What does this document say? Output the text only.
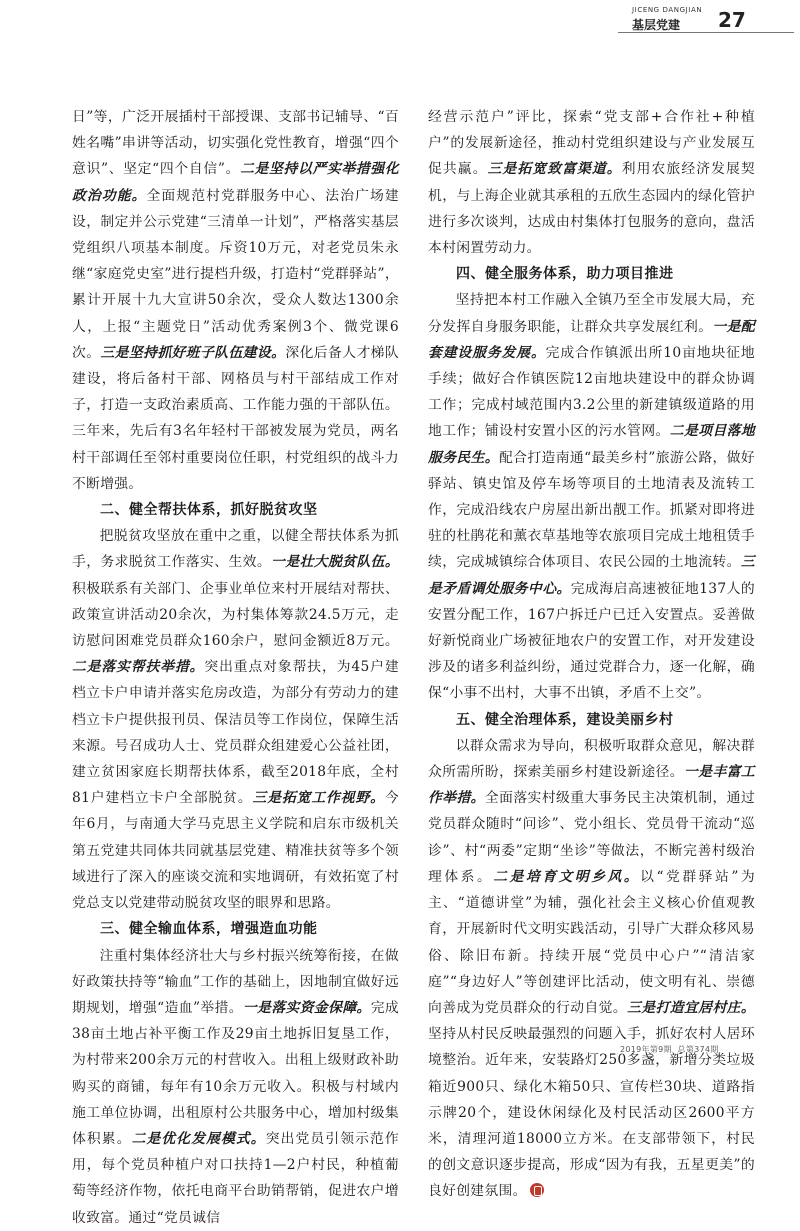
JICENG DANGJIAN
基层党建 27

日”等，广泛开展插村干部授课、支部书记辅导、“百姓名嘴”串讲等活动，切实强化党性教育，增强“四个意识”、坚定“四个自信”。二是坚持以严实举措强化政治功能。全面规范村党群服务中心、法治广场建设，制定并公示党建“三清单一计划”，严格落实基层党组织八项基本制度。斥资10万元，对老党员朱永继“家庭党史室”进行提档升级，打造村“党群驿站”，累计开展十九大宣讲50余次，受众人数达1300余人，上报“主题党日”活动优秀案例3个、微党课6次。三是坚持抓好班子队伍建设。深化后备人才梯队建设，将后备村干部、网格员与村干部结成工作对子，打造一支政治素质高、工作能力强的干部队伍。三年来，先后有3名年轻村干部被发展为党员，两名村干部调任至邻村重要岗位任职，村党组织的战斗力不断增强。

二、健全帮扶体系，抓好脱贫攻坚

把脱贫攻坚放在重中之重，以健全帮扶体系为抓手，务求脱贫工作落实、生效。一是壮大脱贫队伍。积极联系有关部门、企事业单位来村开展结对帮扶、政策宣讲活动20余次，为村集体筹款24.5万元，走访慰问困难党员群众160余户，慰问金额近8万元。二是落实帮扶举措。突出重点对象帮扶，为45户建档立卡户申请并落实危房改造，为部分有劳动力的建档立卡户提供报刊员、保洁员等工作岗位，保障生活来源。号召成功人士、党员群众组建爱心公益社团，建立贫困家庭长期帮扶体系，截至2018年底，全村81户建档立卡户全部脱贫。三是拓宽工作视野。今年6月，与南通大学马克思主义学院和启东市级机关第五党建共同体共同就基层党建、精准扶贫等多个领域进行了深入的座谈交流和实地调研，有效拓宽了村党总支以党建带动脱贫攻坚的眼界和思路。

三、健全输血体系，增强造血功能

注重村集体经济壮大与乡村振兴统筹衔接，在做好政策扶持等“输血”工作的基础上，因地制宜做好远期规划，增强“造血”举措。一是落实资金保障。完成38亩土地占补平衡工作及29亩土地拆旧复垦工作，为村带来200余万元的村营收入。出租上级财政补助购买的商铺，每年有10余万元收入。积极与村域内施工单位协调，出租原村公共服务中心，增加村级集体积累。二是优化发展模式。突出党员引领示范作用，每个党员种植户对口扶持1—2户村民，种植葡萄等经济作物，依托电商平台助销帮销，促进农户增收致富。通过“党员诚信

经营示范户”评比，探索“党支部+合作社+种植户”的发展新途径，推动村党组织建设与产业发展互促共赢。三是拓宽致富渠道。利用农旅经济发展契机，与上海企业就其承租的五欣生态园内的绿化管护进行多次谈判，达成由村集体打包服务的意向，盘活本村闲置劳动力。

四、健全服务体系，助力项目推进

坚持把本村工作融入全镇乃至全市发展大局，充分发挥自身服务职能，让群众共享发展红利。一是配套建设服务发展。完成合作镇派出所10亩地块征地手续；做好合作镇医院12亩地块建设中的群众协调工作；完成村域范围内3.2公里的新建镇级道路的用地工作；铺设村安置小区的污水管网。二是项目落地服务民生。配合打造南通“最美乡村”旅游公路，做好驿站、镇史馆及停车场等项目的土地清表及流转工作，完成沿线农户房屋出新出靓工作。抓紧对即将进驻的杜鹃花和薰衣草基地等农旅项目完成土地租赁手续，完成城镇综合体项目、农民公园的土地流转。三是矛盾调处服务中心。完成海启高速被征地137人的安置分配工作，167户拆迁户已迁入安置点。妥善做好新悦商业广场被征地农户的安置工作，对开发建设涉及的诸多利益纠纷，通过党群合力，逐一化解，确保“小事不出村，大事不出镇，矛盾不上交”。

五、健全治理体系，建设美丽乡村

以群众需求为导向，积极听取群众意见，解决群众所需所盼，探索美丽乡村建设新途径。一是丰富工作举措。全面落实村级重大事务民主决策机制，通过党员群众随时“问诊”、党小组长、党员骨干流动“巡诊”、村“两委”定期“坐诊”等做法，不断完善村级治理体系。二是培育文明乡风。以“党群驿站”为主、“道德讲堂”为辅，强化社会主义核心价值观教育，开展新时代文明实践活动，引导广大群众移风易俗、除旧布新。持续开展“党员中心户”“清洁家庭”“身边好人”等创建评比活动，使文明有礼、崇德向善成为党员群众的行动自觉。三是打造宜居村庄。坚持从村民反映最强烈的问题入手，抓好农村人居环境整治。近年来，安装路灯250多盏，新增分类垃圾箱近900只、绿化木箱50只、宣传栏30块、道路指示牌20个，建设休闲绿化及村民活动区2600平方米，清理河道18000立方米。在支部带领下，村民的创文意识逐步提高，形成“因为有我，五星更美”的良好创建氛围。

2019年第9期 总第374期
